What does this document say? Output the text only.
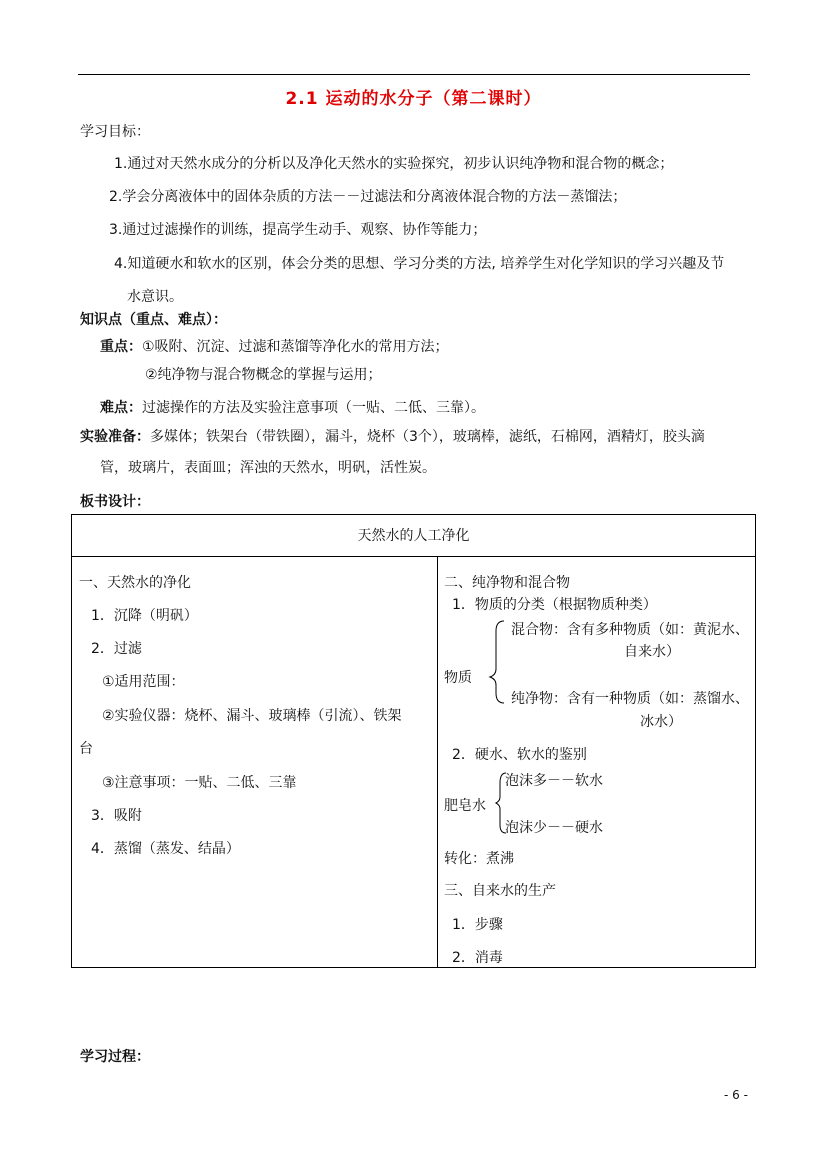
2.1 运动的水分子（第二课时）
学习目标：
1.通过对天然水成分的分析以及净化天然水的实验探究，初步认识纯净物和混合物的概念；
2.学会分离液体中的固体杂质的方法－－过滤法和分离液体混合物的方法－蒸馏法；
3.通过过滤操作的训练，提高学生动手、观察、协作等能力；
4.知道硬水和软水的区别，体会分类的思想、学习分类的方法, 培养学生对化学知识的学习兴趣及节
水意识。
知识点（重点、难点）：
重点：①吸附、沉淀、过滤和蒸馏等净化水的常用方法；
②纯净物与混合物概念的掌握与运用；
难点：过滤操作的方法及实验注意事项（一贴、二低、三靠）。
实验准备：多媒体；铁架台（带铁圈），漏斗，烧杯（3个），玻璃棒，滤纸，石棉网，酒精灯，胶头滴
管，玻璃片，表面皿；浑浊的天然水，明矾，活性炭。
板书设计：
天然水的人工净化
一、天然水的净化
1．沉降（明矾）
2．过滤
①适用范围：
②实验仪器：烧杯、漏斗、玻璃棒（引流）、铁架
台
③注意事项：一贴、二低、三靠
3．吸附
4．蒸馏（蒸发、结晶）
二、纯净物和混合物
1．物质的分类（根据物质种类）
物质
混合物：含有多种物质（如：黄泥水、
自来水）
纯净物：含有一种物质（如：蒸馏水、
冰水）
2．硬水、软水的鉴别
肥皂水
泡沫多－－软水
泡沫少－－硬水
转化：煮沸
三、自来水的生产
1．步骤
2．消毒
学习过程：
- 6 -
